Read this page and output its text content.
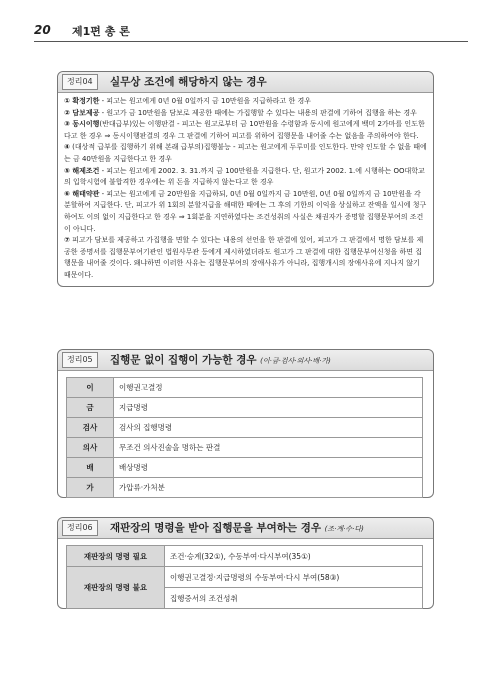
20 제1편 총 론
정리04	실무상 조건에 해당하지 않는 경우

① 확정기한 - 피고는 원고에게 0년 0월 0일까지 금 10만원을 지급하라고 한 경우

② 담보제공 - 원고가 금 10만원을 담보로 제공한 때에는 가집행할 수 있다는 내용의 판결에 기하여 집행을 하는 경우

③ 동시이행(반대급부)있는 이행판결 - 피고는 원고로부터 금 10만원을 수령함과 동시에 원고에게 백미 2가마를 인도한다고 한 경우 ⇒ 동시이행판결의 경우 그 판결에 기하여 피고를 위하여 집행문을 내어줄 수는 없음을 주의하여야 한다.

④ (대상적 급부를 집행하기 위해 본래 급부의)집행불능 - 피고는 원고에게 두루미를 인도한다. 만약 인도할 수 없을 때에는 금 40만원을 지급한다고 한 경우

⑤ 해제조건 - 피고는 원고에게 2002. 3. 31.까지 금 100만원을 지급한다. 단, 원고가 2002. 1.에 시행하는 OO대학교의 입학시험에 불합격한 경우에는 위 돈을 지급하지 않는다고 한 경우

⑥ 해태약관 - 피고는 원고에게 금 20만원을 지급하되, 0년 0월 0일까지 금 10만원, 0년 0월 0일까지 금 10만원을 각 분할하여 지급한다. 단, 피고가 위 1회의 분할지급을 해태한 때에는 그 후의 기한의 이익을 상실하고 잔액을 일시에 청구하여도 이의 없이 지급한다고 한 경우 ⇒ 1회분을 지연하였다는 조건성취의 사실은 채권자가 증명할 집행문부여의 조건이 아니다.

⑦ 피고가 담보를 제공하고 가집행을 면할 수 있다는 내용의 선언을 한 판결에 있어, 피고가 그 판결에서 명한 담보를 제공한 증명서를 집행문부여기관인 법원사무관 등에게 제시하였더라도 원고가 그 판결에 대한 집행문부여신청을 하면 집행문을 내어줄 것이다. 왜냐하면 이러한 사유는 집행문부여의 장애사유가 아니라, 집행개시의 장애사유에 지나지 않기 때문이다.

정리05	집행문 없이 집행이 가능한 경우 (이·금·검사·의사·배·가)
이	이행권고결정
금	지급명령
검사	검사의 집행명령
의사	무조건 의사진술을 명하는 판결
배	배상명령
가	가압류·가처분
정리06	재판장의 명령을 받아 집행문을 부여하는 경우 (조·계·수·다)
재판장의 명령 필요	조건·승계(32①), 수동부여·다시부여(35①)
재판장의 명령 불요	이행권고결정·지급명령의 수동부여·다시 부여(58③)
	집행증서의 조건성취
